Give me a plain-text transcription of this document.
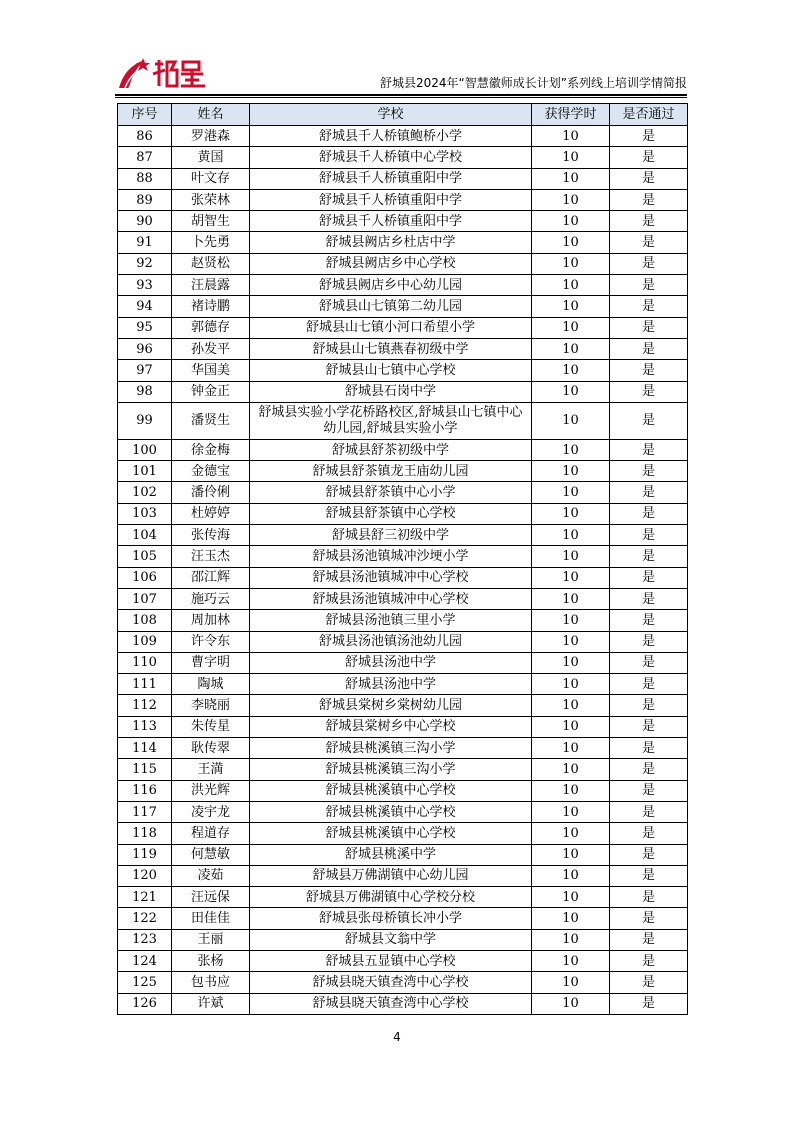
舒城县2024年“智慧徽师成长计划”系列线上培训学情简报
序号	姓名	学校	获得学时	是否通过
86	罗港森	舒城县千人桥镇鲍桥小学	10	是
87	黄国	舒城县千人桥镇中心学校	10	是
88	叶文存	舒城县千人桥镇重阳中学	10	是
89	张荣林	舒城县千人桥镇重阳中学	10	是
90	胡智生	舒城县千人桥镇重阳中学	10	是
91	卜先勇	舒城县阙店乡杜店中学	10	是
92	赵贤松	舒城县阙店乡中心学校	10	是
93	汪晨露	舒城县阙店乡中心幼儿园	10	是
94	褚诗鹏	舒城县山七镇第二幼儿园	10	是
95	郭德存	舒城县山七镇小河口希望小学	10	是
96	孙发平	舒城县山七镇燕春初级中学	10	是
97	华国美	舒城县山七镇中心学校	10	是
98	钟金正	舒城县石岗中学	10	是
99	潘贤生	舒城县实验小学花桥路校区,舒城县山七镇中心幼儿园,舒城县实验小学	10	是
100	徐金梅	舒城县舒茶初级中学	10	是
101	金德宝	舒城县舒茶镇龙王庙幼儿园	10	是
102	潘伶俐	舒城县舒茶镇中心小学	10	是
103	杜婷婷	舒城县舒茶镇中心学校	10	是
104	张传海	舒城县舒三初级中学	10	是
105	汪玉杰	舒城县汤池镇城冲沙埂小学	10	是
106	邵江辉	舒城县汤池镇城冲中心学校	10	是
107	施巧云	舒城县汤池镇城冲中心学校	10	是
108	周加林	舒城县汤池镇三里小学	10	是
109	许令东	舒城县汤池镇汤池幼儿园	10	是
110	曹字明	舒城县汤池中学	10	是
111	陶城	舒城县汤池中学	10	是
112	李晓丽	舒城县棠树乡棠树幼儿园	10	是
113	朱传星	舒城县棠树乡中心学校	10	是
114	耿传翠	舒城县桃溪镇三沟小学	10	是
115	王満	舒城县桃溪镇三沟小学	10	是
116	洪光辉	舒城县桃溪镇中心学校	10	是
117	凌宇龙	舒城县桃溪镇中心学校	10	是
118	程道存	舒城县桃溪镇中心学校	10	是
119	何慧敏	舒城县桃溪中学	10	是
120	凌茹	舒城县万佛湖镇中心幼儿园	10	是
121	汪远保	舒城县万佛湖镇中心学校分校	10	是
122	田佳佳	舒城县张母桥镇长冲小学	10	是
123	王丽	舒城县文翁中学	10	是
124	张杨	舒城县五显镇中心学校	10	是
125	包书应	舒城县晓天镇查湾中心学校	10	是
126	许斌	舒城县晓天镇查湾中心学校	10	是
4
